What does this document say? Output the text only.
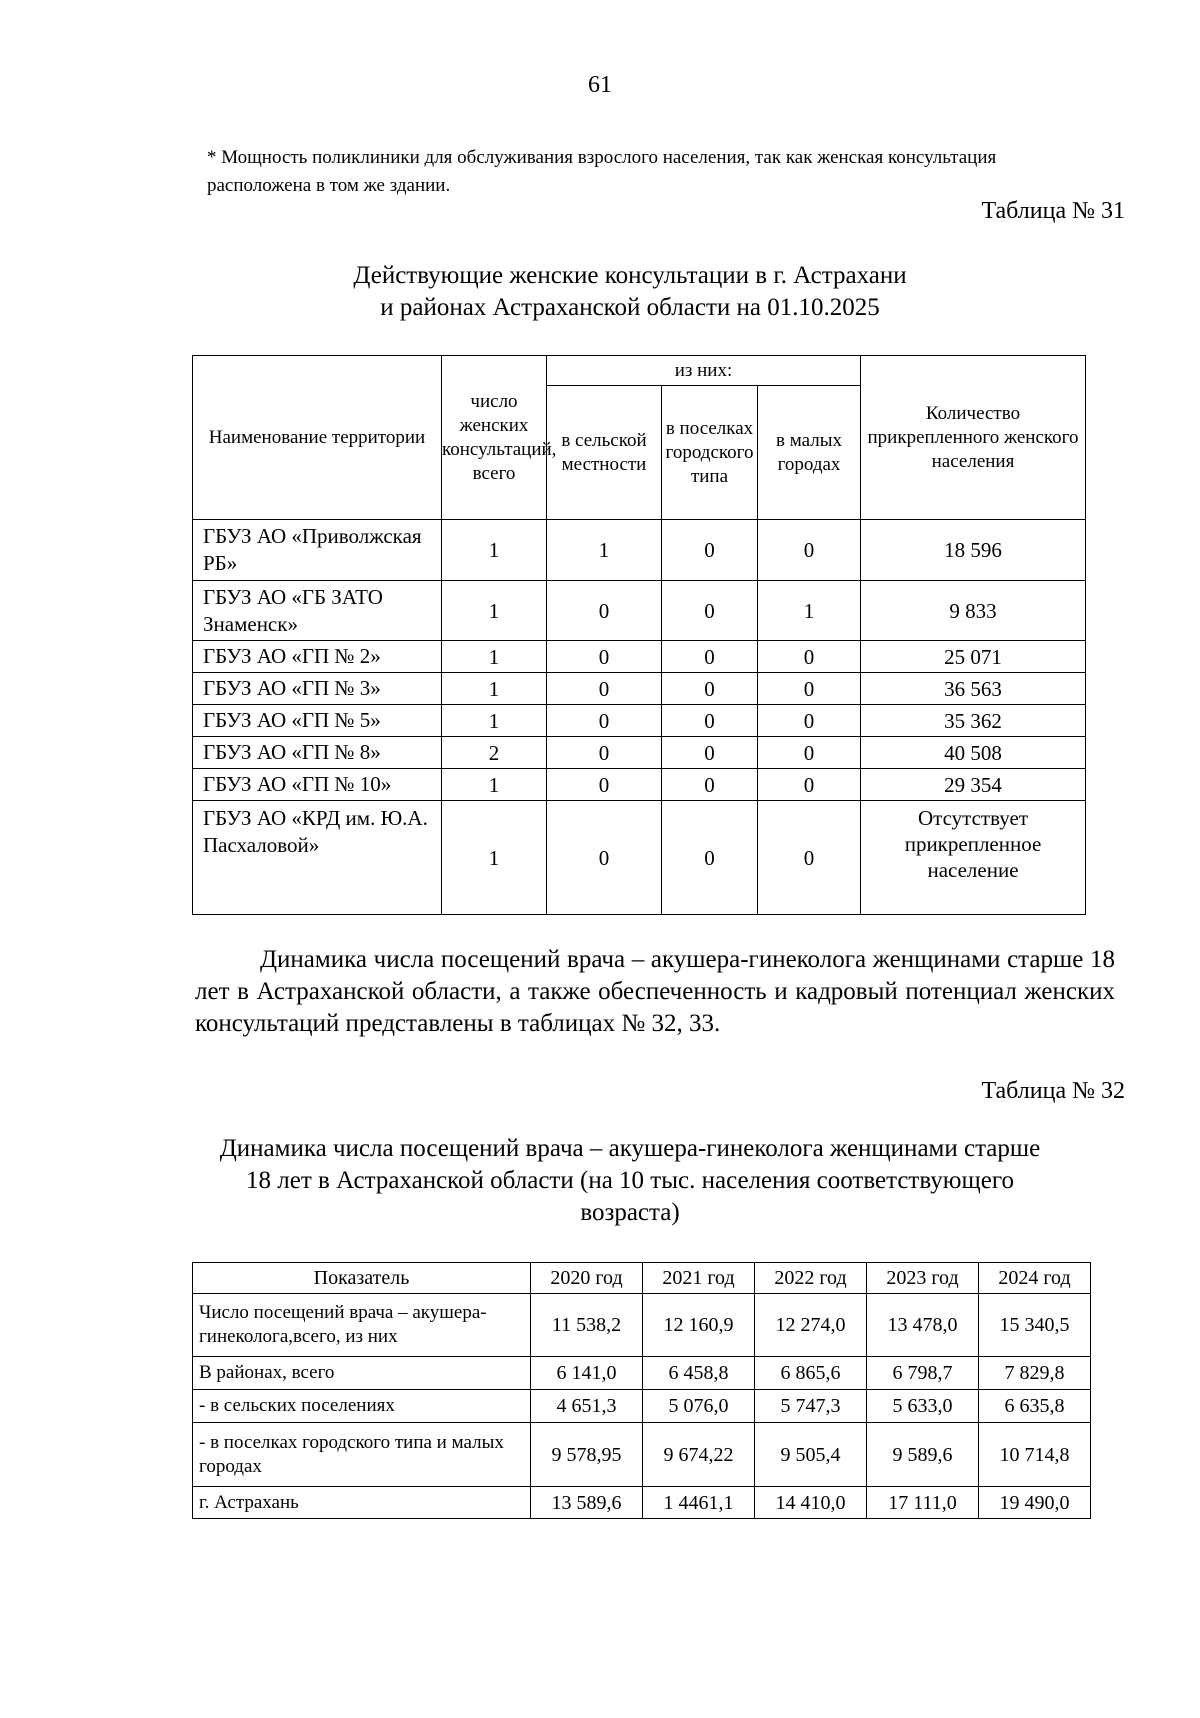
61
* Мощность поликлиники для обслуживания взрослого населения, так как женская консультация расположена в том же здании.
Таблица № 31
Действующие женские консультации в г. Астрахани
и районах Астраханской области на 01.10.2025
Наименование территории	число женских консультаций, всего	из них:			Количество прикрепленного женского населения
		в сельской местности	в поселках городского типа	в малых городах	
ГБУЗ АО «Приволжская РБ»	1	1	0	0	18 596
ГБУЗ АО «ГБ ЗАТО Знаменск»	1	0	0	1	9 833
ГБУЗ АО «ГП № 2»	1	0	0	0	25 071
ГБУЗ АО «ГП № 3»	1	0	0	0	36 563
ГБУЗ АО «ГП № 5»	1	0	0	0	35 362
ГБУЗ АО «ГП № 8»	2	0	0	0	40 508
ГБУЗ АО «ГП № 10»	1	0	0	0	29 354
ГБУЗ АО «КРД им. Ю.А. Пасхаловой»	1	0	0	0	Отсутствует прикрепленное население

Динамика числа посещений врача – акушера-гинеколога женщинами старше 18 лет в Астраханской области, а также обеспеченность и кадровый потенциал женских консультаций представлены в таблицах № 32, 33.

Таблица № 32
Динамика числа посещений врача – акушера-гинеколога женщинами старше
18 лет в Астраханской области (на 10 тыс. населения соответствующего
возраста)
Показатель	2020 год	2021 год	2022 год	2023 год	2024 год
Число посещений врача – акушера-гинеколога,всего, из них	11 538,2	12 160,9	12 274,0	13 478,0	15 340,5
В районах, всего	6 141,0	6 458,8	6 865,6	6 798,7	7 829,8
- в сельских поселениях	4 651,3	5 076,0	5 747,3	5 633,0	6 635,8
- в поселках городского типа и малых городах	9 578,95	9 674,22	9 505,4	9 589,6	10 714,8
г. Астрахань	13 589,6	1 4461,1	14 410,0	17 111,0	19 490,0
